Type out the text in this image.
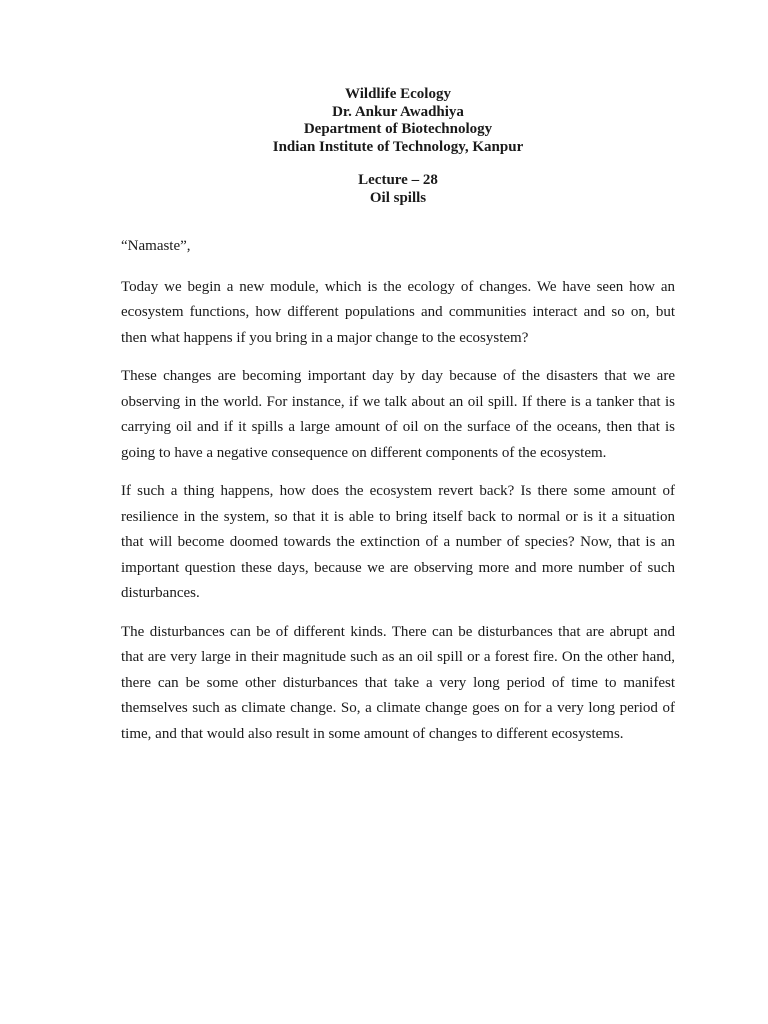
Wildlife Ecology
Dr. Ankur Awadhiya
Department of Biotechnology
Indian Institute of Technology, Kanpur
Lecture – 28
Oil spills

“Namaste”,

Today we begin a new module, which is the ecology of changes. We have seen how an ecosystem functions, how different populations and communities interact and so on, but then what happens if you bring in a major change to the ecosystem?

These changes are becoming important day by day because of the disasters that we are observing in the world. For instance, if we talk about an oil spill. If there is a tanker that is carrying oil and if it spills a large amount of oil on the surface of the oceans, then that is going to have a negative consequence on different components of the ecosystem.

If such a thing happens, how does the ecosystem revert back? Is there some amount of resilience in the system, so that it is able to bring itself back to normal or is it a situation that will become doomed towards the extinction of a number of species? Now, that is an important question these days, because we are observing more and more number of such disturbances.

The disturbances can be of different kinds. There can be disturbances that are abrupt and that are very large in their magnitude such as an oil spill or a forest fire. On the other hand, there can be some other disturbances that take a very long period of time to manifest themselves such as climate change. So, a climate change goes on for a very long period of time, and that would also result in some amount of changes to different ecosystems.
